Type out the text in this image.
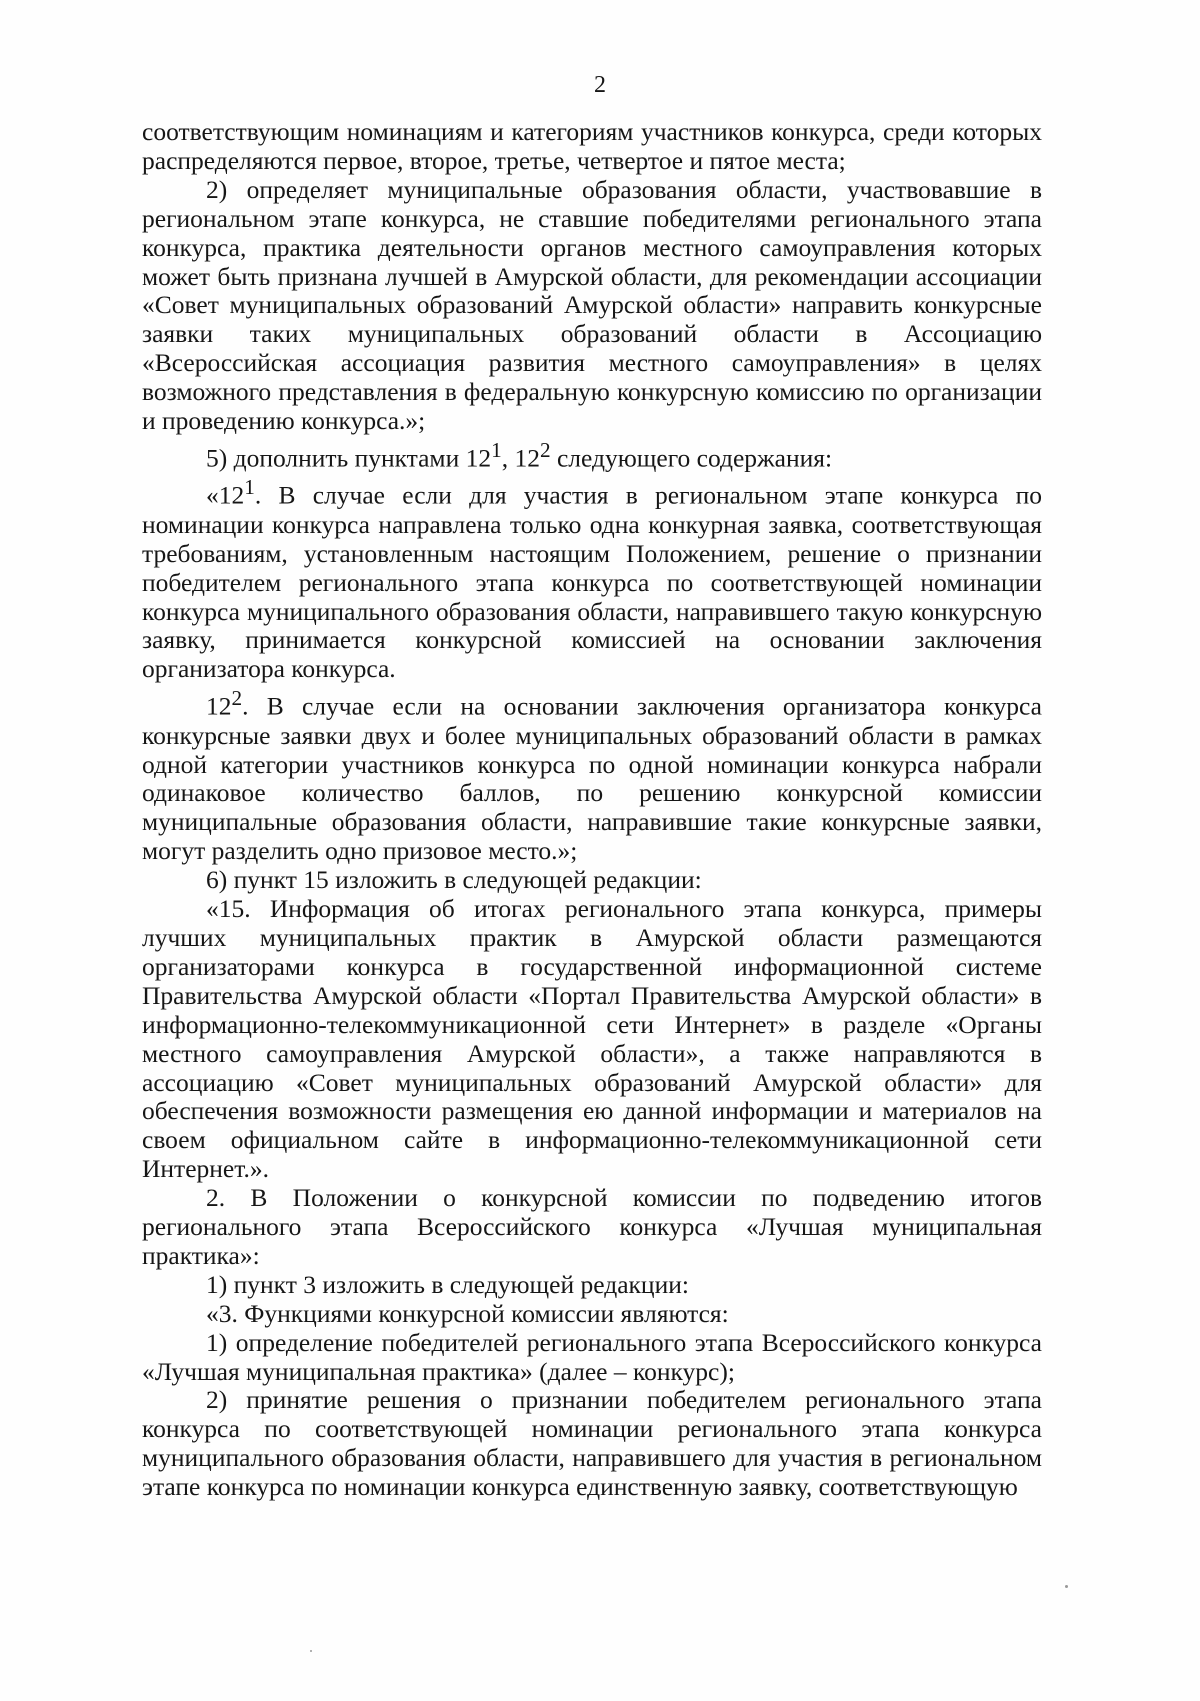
2

соответствующим номинациям и категориям участников конкурса, среди которых распределяются первое, второе, третье, четвертое и пятое места;

2) определяет муниципальные образования области, участвовавшие в региональном этапе конкурса, не ставшие победителями регионального этапа конкурса, практика деятельности органов местного самоуправления которых может быть признана лучшей в Амурской области, для рекомендации ассоциации «Совет муниципальных образований Амурской области» направить конкурсные заявки таких муниципальных образований области в Ассоциацию «Всероссийская ассоциация развития местного самоуправления» в целях возможного представления в федеральную конкурсную комиссию по организации и проведению конкурса.»;

5) дополнить пунктами $12^1$, $12^2$ следующего содержания:

«$12^1$. В случае если для участия в региональном этапе конкурса по номинации конкурса направлена только одна конкурная заявка, соответствующая требованиям, установленным настоящим Положением, решение о признании победителем регионального этапа конкурса по соответствующей номинации конкурса муниципального образования области, направившего такую конкурсную заявку, принимается конкурсной комиссией на основании заключения организатора конкурса.

$12^2$. В случае если на основании заключения организатора конкурса конкурсные заявки двух и более муниципальных образований области в рамках одной категории участников конкурса по одной номинации конкурса набрали одинаковое количество баллов, по решению конкурсной комиссии муниципальные образования области, направившие такие конкурсные заявки, могут разделить одно призовое место.»;

6) пункт 15 изложить в следующей редакции:

«15. Информация об итогах регионального этапа конкурса, примеры лучших муниципальных практик в Амурской области размещаются организаторами конкурса в государственной информационной системе Правительства Амурской области «Портал Правительства Амурской области» в информационно-телекоммуникационной сети Интернет» в разделе «Органы местного самоуправления Амурской области», а также направляются в ассоциацию «Совет муниципальных образований Амурской области» для обеспечения возможности размещения ею данной информации и материалов на своем официальном сайте в информационно-телекоммуникационной сети Интернет.».

2. В Положении о конкурсной комиссии по подведению итогов регионального этапа Всероссийского конкурса «Лучшая муниципальная практика»:

1) пункт 3 изложить в следующей редакции:

«3. Функциями конкурсной комиссии являются:

1) определение победителей регионального этапа Всероссийского конкурса «Лучшая муниципальная практика» (далее – конкурс);

2) принятие решения о признании победителем регионального этапа конкурса по соответствующей номинации регионального этапа конкурса муниципального образования области, направившего для участия в региональном этапе конкурса по номинации конкурса единственную заявку, соответствующую
